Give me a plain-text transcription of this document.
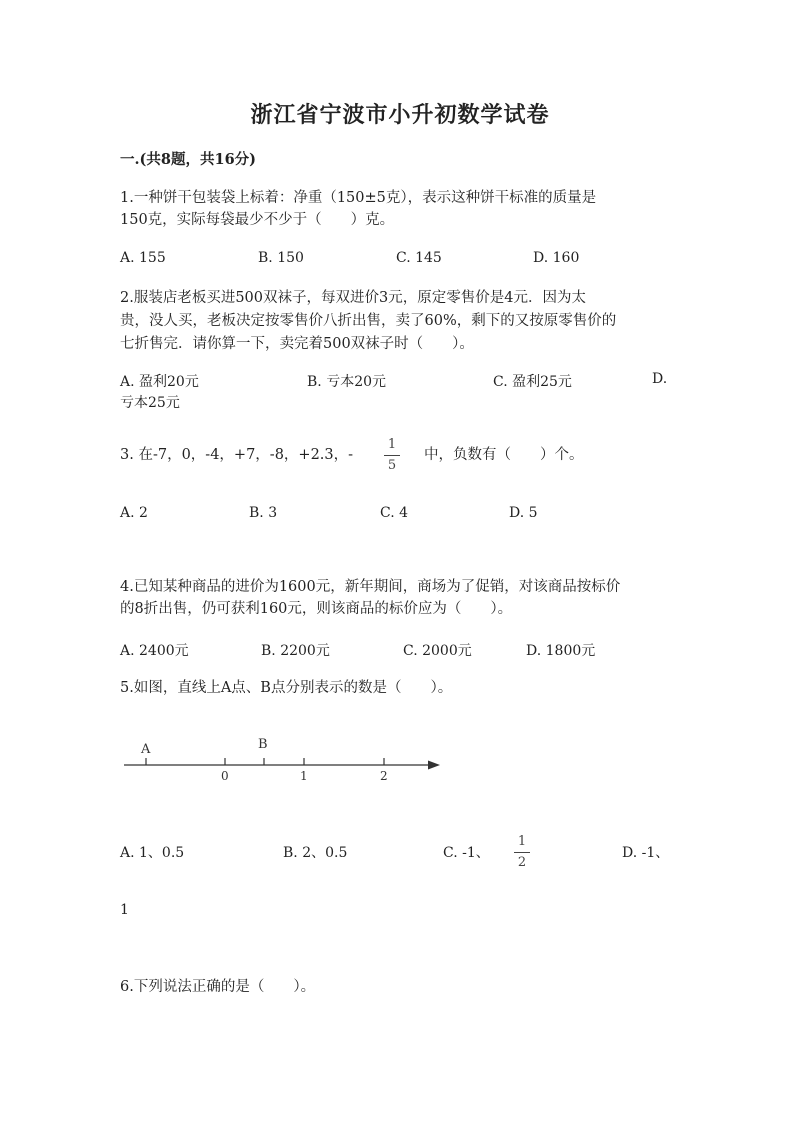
浙江省宁波市小升初数学试卷
一.(共8题，共16分)
1.一种饼干包装袋上标着：净重（150±5克），表示这种饼干标准的质量是
150克，实际每袋最少不少于（　　）克。
A. 155	B. 150	C. 145	D. 160
2.服装店老板买进500双袜子，每双进价3元，原定零售价是4元．因为太
贵，没人买，老板决定按零售价八折出售，卖了60%，剩下的又按原零售价的
七折售完．请你算一下，卖完着500双袜子时（　　）。
A. 盈利20元	B. 亏本20元	C. 盈利25元	D.
亏本25元
3. 在-7，0，-4，+7，-8，+2.3，-
1
5
中，负数有（　　）个。
A. 2	B. 3	C. 4	D. 5
4.已知某种商品的进价为1600元，新年期间，商场为了促销，对该商品按标价
的8折出售，仍可获利160元，则该商品的标价应为（　　）。
A. 2400元	B. 2200元	C. 2000元	D. 1800元
5.如图，直线上A点、B点分别表示的数是（　　）。
A	B
0	1	2
A. 1、0.5	B. 2、0.5	C. -1、
1
2
D. -1、
1
6.下列说法正确的是（　　）。
